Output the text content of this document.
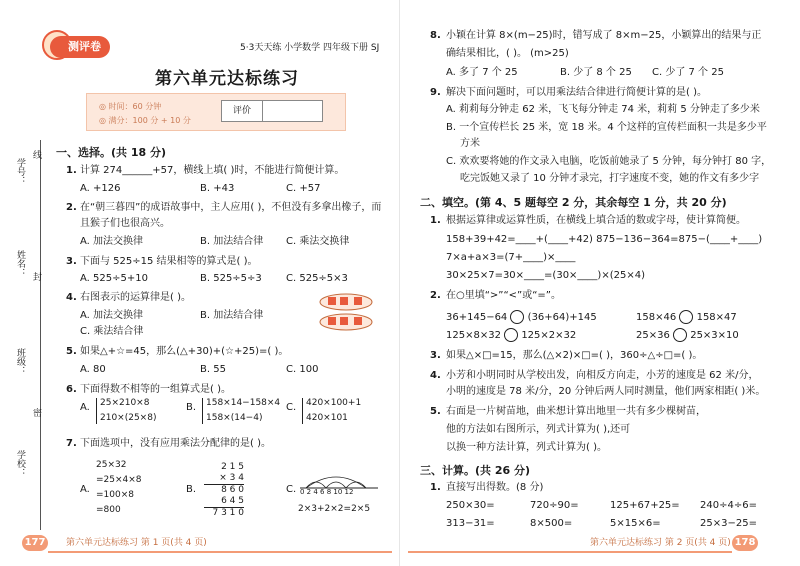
测评卷	5·3天天练 小学数学 四年级下册 SJ
第六单元达标练习
◎ 时间：60 分钟
◎ 满分：100 分 + 10 分
评价
线
封
密
学号：
姓名：
班级：
学校：
一、选择。(共 18 分)
1. 计算 274______+57，横线上填( )时，不能进行简便计算。
A. +126	B. +43	C. +57
2. 在“朝三暮四”的成语故事中，主人应用( )，不但没有多拿出橡子，而
且猴子们也很高兴。
A. 加法交换律	B. 加法结合律 C. 乘法交换律
3. 下面与 525÷15 结果相等的算式是( )。
A. 525÷5+10	B. 525÷5÷3 C. 525÷5×3
4. 右图表示的运算律是( )。
A. 加法交换律	B. 加法结合律
C. 乘法结合律
5. 如果△+☆=45，那么(△+30)+(☆+25)=( )。
A. 80	B. 55	C. 100
6. 下面得数不相等的一组算式是( )。
A. 25×210×8
210×(25×8)
B. 158×14−158×4
158×(14−4)
C. 420×100+1
420×101
7. 下面选项中，没有应用乘法分配律的是( )。
A.
25×32
=25×4×8
=100×8
=800
B.
2 1 5
× 3 4
8 6 0
6 4 5
7 3 1 0
C. 0 2 4 6 8 10 12
2×3+2×2=2×5
177 第六单元达标练习 第 1 页(共 4 页)
8. 小颖在计算 8×(m−25)时，错写成了 8×m−25，小颖算出的结果与正
确结果相比，( )。 (m>25)
A. 多了 7 个 25	B. 少了 8 个 25 C. 少了 7 个 25
9. 解决下面问题时，可以用乘法结合律进行简便计算的是( )。
A. 莉莉每分钟走 62 米，飞飞每分钟走 74 米，莉莉 5 分钟走了多少米
B. 一个宣传栏长 25 米，宽 18 米。4 个这样的宣传栏面积一共是多少平
方米
C. 欢欢要将她的作文录入电脑，吃饭前她录了 5 分钟，每分钟打 80 字，
吃完饭她又录了 10 分钟才录完，打字速度不变，她的作文有多少字
二、填空。(第 4、5 题每空 2 分，其余每空 1 分，共 20 分)
1. 根据运算律或运算性质，在横线上填合适的数或字母，使计算简便。
158+39+42=____+(____+42) 875−136−364=875−(____+____)
7×a+a×3=(7+____)×____
30×25×7=30×____=(30×____)×(25×4)
2. 在○里填“>”“<”或“=”。
36+145−64 (36+64)+145	158×46 158×47
125×8×32 125×2×32	25×36 25×3×10
3. 如果△×□=15，那么(△×2)×□=( )，360÷△÷□=( )。
4. 小芳和小明同时从学校出发，向相反方向走，小芳的速度是 62 米/分，
小明的速度是 78 米/分，20 分钟后两人同时测量，他们两家相距( )米。
5. 右面是一片树苗地，曲米想计算出地里一共有多少棵树苗，
他的方法如右图所示，列式计算为( ),还可
以换一种方法计算，列式计算为( )。
三、计算。(共 26 分)
1. 直接写出得数。(8 分)
250×30=	720÷90=	125+67+25= 240÷4÷6=
313−31=	8×500=	5×15×6=	25×3−25=
第六单元达标练习 第 2 页(共 4 页) 178
